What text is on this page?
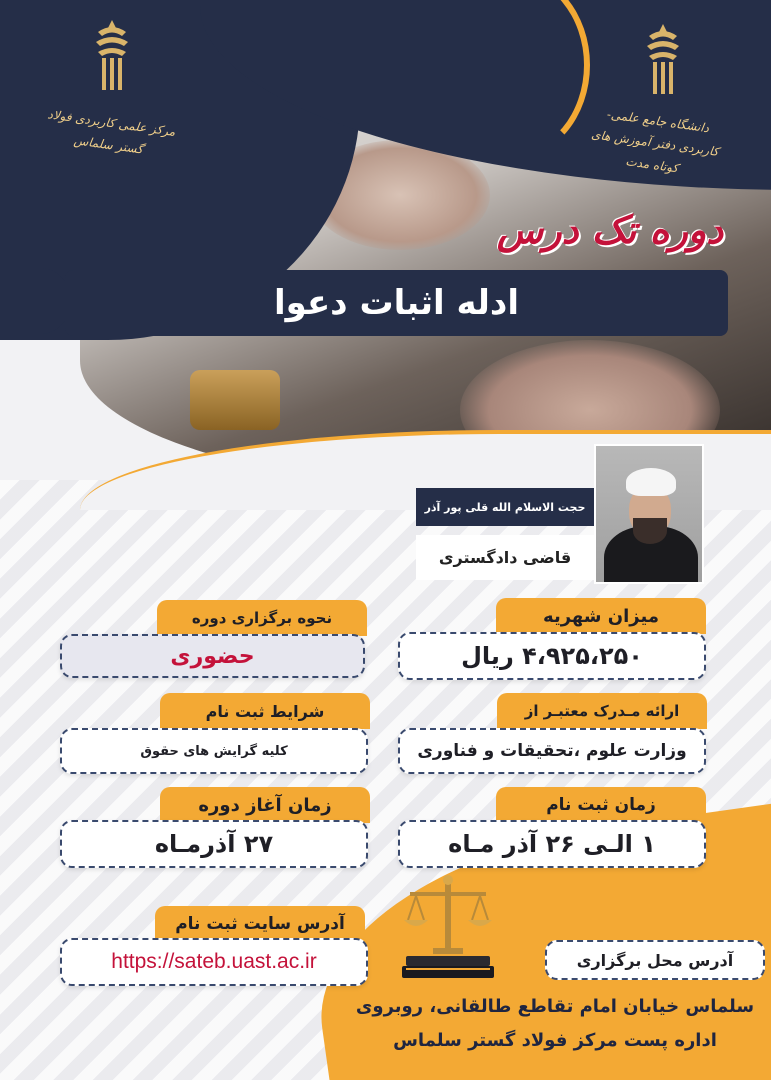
مرکز علمی کاربردی فولاد گستر سلماس
دانشگاه جامع علمی-کاربردی دفتر آموزش های کوتاه مدت
دوره تک درس
ادله اثبات دعوا
حجت الاسلام الله قلی پور آذر
قاضی دادگستری
میزان شهریه
۴،۹۲۵،۲۵۰ ریال
نحوه برگزاری دوره
حضوری
ارائه مـدرک معتبـر از
وزارت علوم ،تحقیقات و فناوری
شرایط ثبت نام
کلیه گرایش های حقوق
زمان ثبت نام
۱ الـی ۲۶ آذر مـاه
زمان آغاز دوره
۲۷ آذرمـاه
آدرس سایت ثبت نام
https://sateb.uast.ac.ir	آدرس محل برگزاری
سلماس خیابان امام تقاطع طالقانی، روبروی
اداره پست مرکز فولاد گستر سلماس
